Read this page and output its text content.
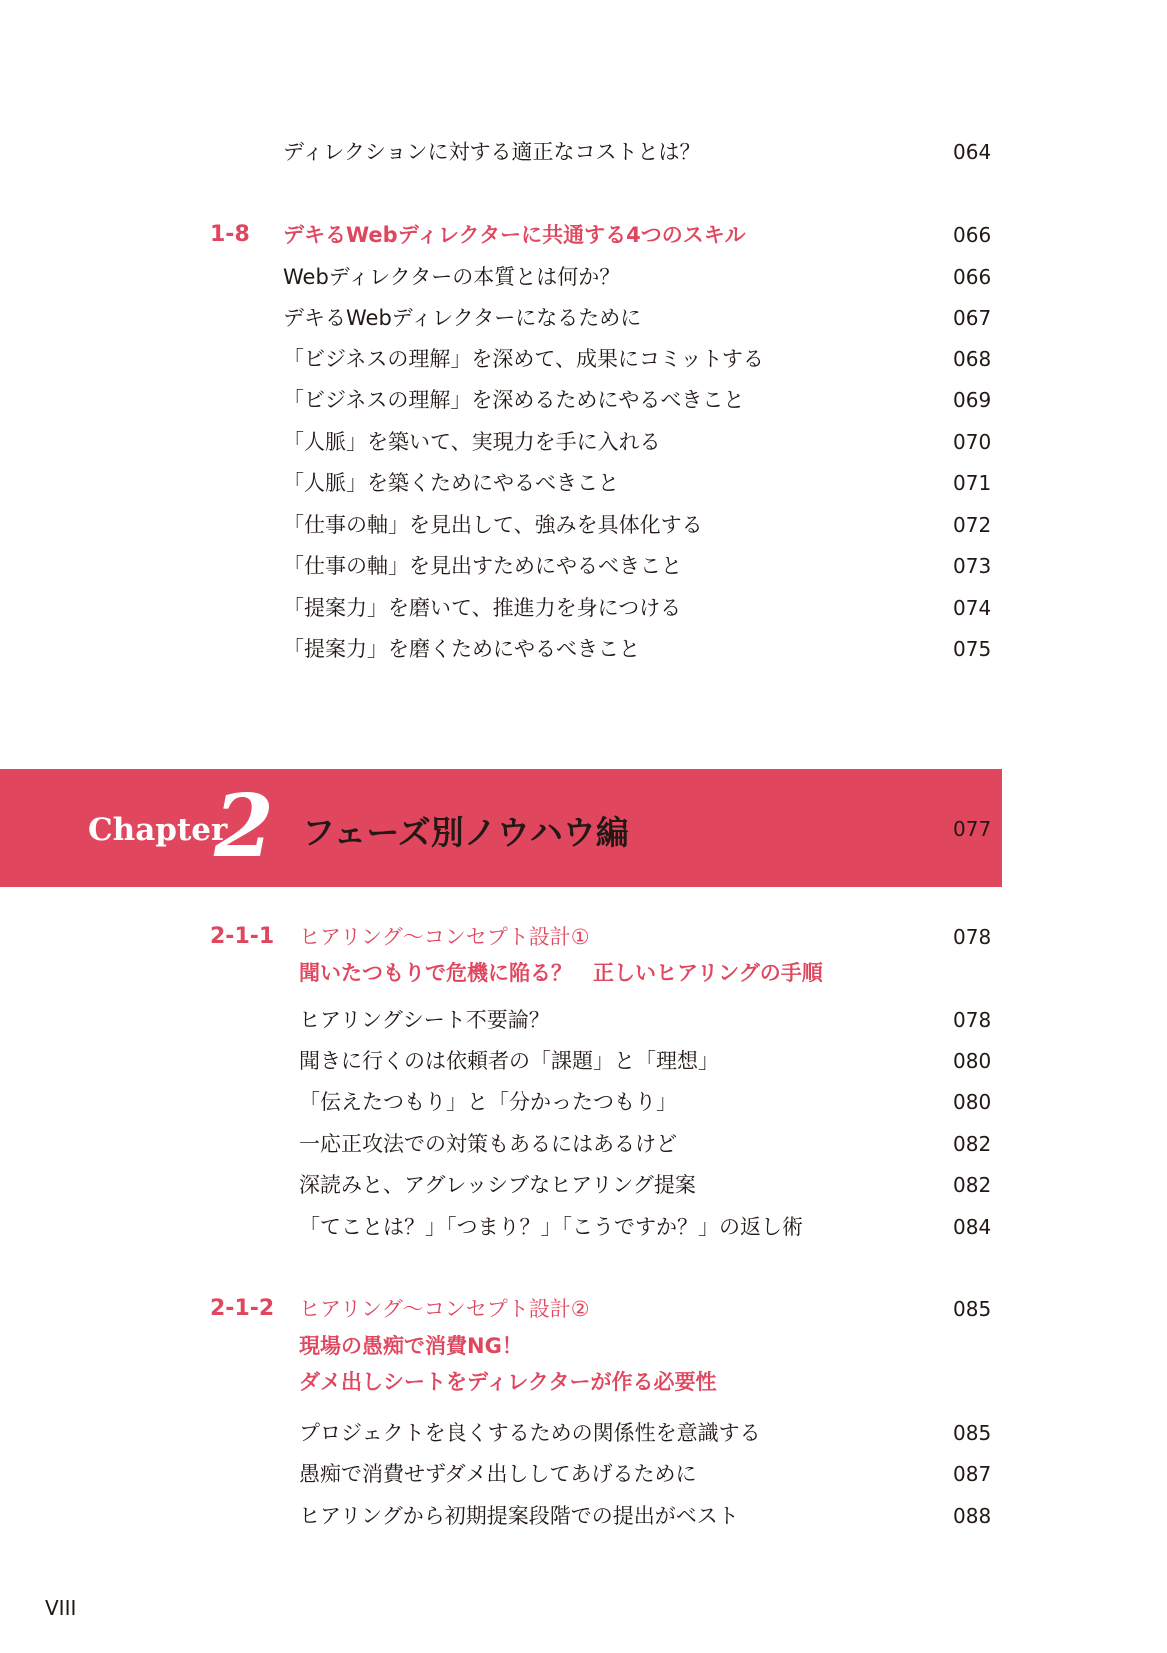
ディレクションに対する適正なコストとは？	064
1-8 デキるWebディレクターに共通する4つのスキル	066
Webディレクターの本質とは何か？	066
デキるWebディレクターになるために	067
「ビジネスの理解」を深めて、成果にコミットする	068
「ビジネスの理解」を深めるためにやるべきこと	069
「人脈」を築いて、実現力を手に入れる	070
「人脈」を築くためにやるべきこと	071
「仕事の軸」を見出して、強みを具体化する	072
「仕事の軸」を見出すためにやるべきこと	073
「提案力」を磨いて、推進力を身につける	074
「提案力」を磨くためにやるべきこと	075
Chapter
2 フェーズ別ノウハウ編	077
2-1-1 ヒアリング〜コンセプト設計①	078
聞いたつもりで危機に陥る？　正しいヒアリングの手順
ヒアリングシート不要論？	078
聞きに行くのは依頼者の「課題」と「理想」	080
「伝えたつもり」と「分かったつもり」	080
一応正攻法での対策もあるにはあるけど	082
深読みと、アグレッシブなヒアリング提案	082
「てことは？」「つまり？」「こうですか？」の返し術	084
2-1-2 ヒアリング〜コンセプト設計②	085
現場の愚痴で消費NG！
ダメ出しシートをディレクターが作る必要性
プロジェクトを良くするための関係性を意識する	085
愚痴で消費せずダメ出ししてあげるために	087
ヒアリングから初期提案段階での提出がベスト	088
VIII
